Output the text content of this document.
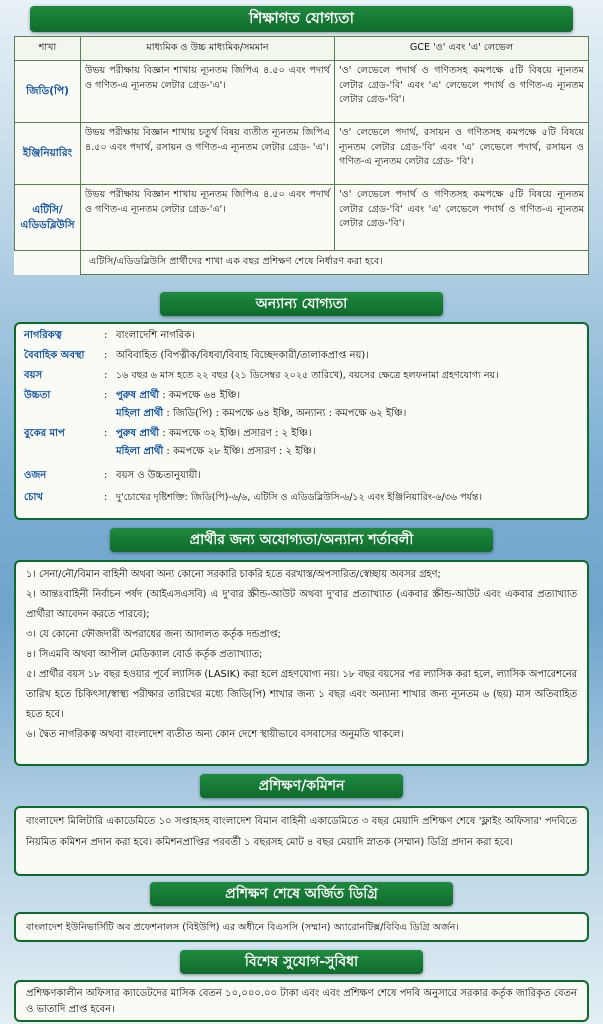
শিক্ষাগত যোগ্যতা
শাখা	মাধ্যমিক ও উচ্চ মাধ্যমিক/সমমান	GCE 'ও' এবং 'এ' লেভেল
জিডি(পি)	উভয় পরীক্ষায় বিজ্ঞান শাখায় ন্যূনতম জিপিএ ৪.৫০ এবং পদার্থ ও গণিত-এ ন্যূনতম লেটার গ্রেড-'এ'।	'ও' লেভেলে পদার্থ ও গণিতসহ কমপক্ষে ৫টি বিষয়ে ন্যূনতম লেটার গ্রেড-'বি' এবং 'এ' লেভেলে পদার্থ ও গণিত-এ ন্যূনতম লেটার গ্রেড-'বি'।
ইঞ্জিনিয়ারিং	উভয় পরীক্ষায় বিজ্ঞান শাখায় চতুর্থ বিষয় ব্যতীত ন্যূনতম জিপিএ ৪.৫০ এবং পদার্থ, রসায়ন ও গণিত-এ ন্যূনতম লেটার গ্রেড- 'এ'।	'ও' লেভেলে পদার্থ, রসায়ন ও গণিতসহ কমপক্ষে ৫টি বিষয়ে ন্যূনতম লেটার গ্রেড-'বি' এবং 'এ' লেভেলে পদার্থ, রসায়ন ও গণিত-এ ন্যূনতম লেটার গ্রেড- 'বি'।
এটিসি/ এডিডব্লিউসি	উভয় পরীক্ষায় বিজ্ঞান শাখায় ন্যূনতম জিপিএ ৪.৫০ এবং পদার্থ ও গণিত-এ ন্যূনতম লেটার গ্রেড-'এ'।	'ও' লেভেলে পদার্থ ও গণিতসহ কমপক্ষে ৫টি বিষয়ে ন্যূনতম লেটার গ্রেড-'বি' এবং 'এ' লেভেলে পদার্থ ও গণিত-এ ন্যূনতম লেটার গ্রেড-'বি'।
	এটিসি/এডিডব্লিউসি প্রার্থীদের শাখা এক বছর প্রশিক্ষণ শেষে নির্ধারণ করা হবে।	
অন্যান্য যোগ্যতা
নাগরিকত্ব	: বাংলাদেশি নাগরিক।
বৈবাহিক অবস্থা : অবিবাহিত (বিপত্নীক/বিধবা/বিবাহ বিচ্ছেদকারী/তালাকপ্রাপ্ত নয়)।
বয়স	: ১৬ বছর ৬ মাস হতে ২২ বছর (২১ ডিসেম্বর ২০২৫ তারিখে), বয়সের ক্ষেত্রে হলফনামা গ্রহণযোগ্য নয়।
উচ্চতা	: পুরুষ প্রার্থী : কমপক্ষে ৬৪ ইঞ্চি।
মহিলা প্রার্থী : জিডি(পি) : কমপক্ষে ৬৪ ইঞ্চি, অন্যান্য : কমপক্ষে ৬২ ইঞ্চি।
বুকের মাপ	: পুরুষ প্রার্থী : কমপক্ষে ৩২ ইঞ্চি। প্রসারণ : ২ ইঞ্চি।
মহিলা প্রার্থী : কমপক্ষে ২৮ ইঞ্চি। প্রসারণ : ২ ইঞ্চি।
ওজন	: বয়স ও উচ্চতানুযায়ী।
চোখ	: দু'চোখের দৃষ্টিশক্তি: জিডি(পি)-৬/৬, এটিসি ও এডিডব্লিউসি-৬/১২ এবং ইঞ্জিনিয়ারিং-৬/৩৬ পর্যন্ত।
প্রার্থীর জন্য অযোগ্যতা/অন্যান্য শর্তাবলী
১। সেনা/নৌ/বিমান বাহিনী অথবা অন্য কোনো সরকারি চাকরি হতে বরখাস্ত/অপসারিত/স্বেচ্ছায় অবসর গ্রহণ;
২। আন্তঃবাহিনী নির্বাচন পর্ষদ (আইএসএসবি) এ দু'বার স্ক্রীন্ড-আউট অথবা দু'বার প্রত্যাখ্যাত (একবার স্ক্রীন্ড-আউট এবং একবার প্রত্যাখ্যাত প্রার্থীরা আবেদন করতে পারবে);
৩। যে কোনো ফৌজদারী অপরাধের জন্য আদালত কর্তৃক দন্ডপ্রাপ্ত;
৪। সিএমবি অথবা আপীল মেডিক্যাল বোর্ড কর্তৃক প্রত্যাখ্যাত;
৫। প্রার্থীর বয়স ১৮ বছর হওয়ার পূর্বে ল্যাসিক (LASIK) করা হলে গ্রহণযোগ্য নয়। ১৮ বছর বয়সের পর ল্যাসিক করা হলে, ল্যাসিক অপারেশনের তারিখ হতে চিকিৎসা/স্বাস্থ্য পরীক্ষার তারিখের মধ্যে জিডি(পি) শাখার জন্য ১ বছর এবং অন্যান্য শাখার জন্য ন্যূনতম ৬ (ছয়) মাস অতিবাহিত হতে হবে।
৬। দ্বৈত নাগরিকত্ব অথবা বাংলাদেশ ব্যতীত অন্য কোন দেশে স্থায়ীভাবে বসবাসের অনুমতি থাকলে।
প্রশিক্ষণ/কমিশন
বাংলাদেশ মিলিটারি একাডেমিতে ১০ সপ্তাহসহ বাংলাদেশ বিমান বাহিনী একাডেমিতে ৩ বছর মেয়াদি প্রশিক্ষণ শেষে 'ফ্লাইং অফিসার' পদবিতে নিয়মিত কমিশন প্রদান করা হবে। কমিশনপ্রাপ্তির পরবর্তী ১ বছরসহ মোট ৪ বছর মেয়াদি স্নাতক (সম্মান) ডিগ্রি প্রদান করা হবে।
প্রশিক্ষণ শেষে অর্জিত ডিগ্রি
বাংলাদেশ ইউনিভার্সিটি অব প্রফেশনালস (বিইউপি) এর অধীনে বিএসসি (সম্মান) অ্যারোনটিক্স/বিবিএ ডিগ্রি অর্জন।
বিশেষ সুযোগ-সুবিধা
প্রশিক্ষণকালীন অফিসার ক্যাডেটদের মাসিক বেতন ১০,০০০.০০ টাকা এবং এবং প্রশিক্ষণ শেষে পদবি অনুসারে সরকার কর্তৃক জারিকৃত বেতন ও ভাতাদি প্রাপ্ত হবেন।
